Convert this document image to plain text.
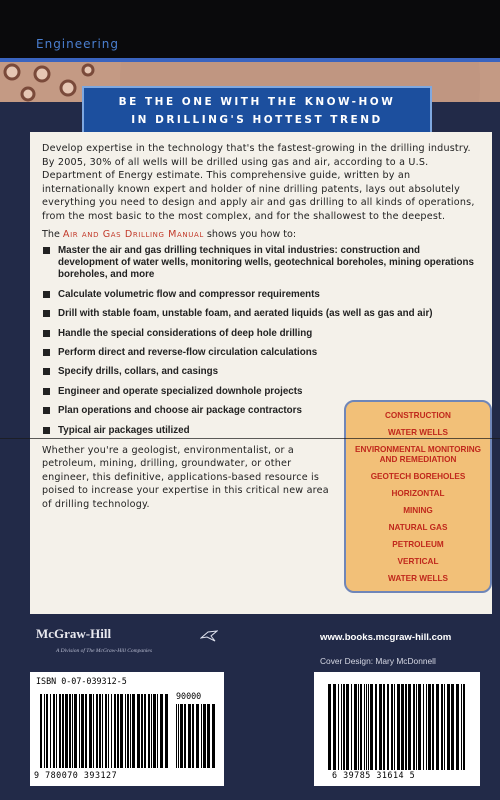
Engineering
BE THE ONE WITH THE KNOW-HOW
IN DRILLING'S HOTTEST TREND

Develop expertise in the technology that's the fastest-growing in the drilling industry. By 2005, 30% of all wells will be drilled using gas and air, according to a U.S. Department of Energy estimate. This comprehensive guide, written by an internationally known expert and holder of nine drilling patents, lays out absolutely everything you need to design and apply air and gas drilling to all kinds of operations, from the most basic to the most complex, and for the shallowest to the deepest.

The Air and Gas Drilling Manual shows you how to:

Master the air and gas drilling techniques in vital industries: construction and development of water wells, monitoring wells, geotechnical boreholes, mining operations boreholes, and more
Calculate volumetric flow and compressor requirements
Drill with stable foam, unstable foam, and aerated liquids (as well as gas and air)
Handle the special considerations of deep hole drilling
Perform direct and reverse-flow circulation calculations
Specify drills, collars, and casings
Engineer and operate specialized downhole projects
Plan operations and choose air package contractors
Typical air packages utilized

Whether you're a geologist, environmentalist, or a petroleum, mining, drilling, groundwater, or other engineer, this definitive, applications-based resource is poised to increase your expertise in this critical new area of drilling technology.

CONSTRUCTION
WATER WELLS
ENVIRONMENTAL MONITORING AND REMEDIATION
GEOTECH BOREHOLES
HORIZONTAL
MINING
NATURAL GAS
PETROLEUM
VERTICAL
WATER WELLS
McGraw-Hill
A Division of The McGraw-Hill Companies
www.books.mcgraw-hill.com
Cover Design: Mary McDonnell
ISBN 0-07-039312-5
90000
9 780070 393127	6 39785 31614 5
